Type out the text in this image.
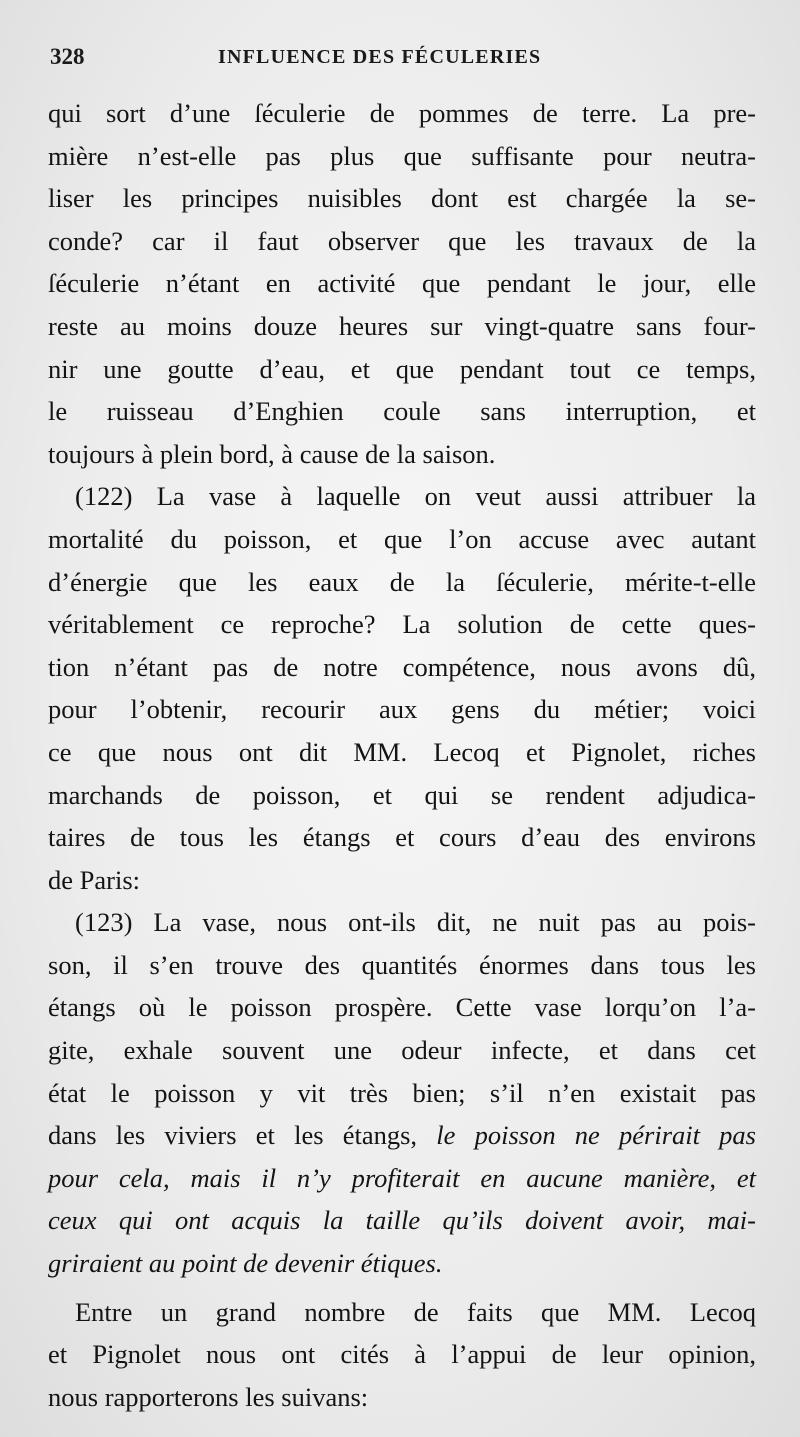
328	INFLUENCE DES FÉCULERIES
qui sort d’une ſéculerie de pommes de terre. La pre-
mière n’est-elle pas plus que suffisante pour neutra-
liser les principes nuisibles dont est chargée la se-
conde? car il faut observer que les travaux de la
ſéculerie n’étant en activité que pendant le jour, elle
reste au moins douze heures sur vingt-quatre sans four-
nir une goutte d’eau, et que pendant tout ce temps,
le ruisseau d’Enghien coule sans interruption, et
toujours à plein bord, à cause de la saison.
(122) La vase à laquelle on veut aussi attribuer la
mortalité du poisson, et que l’on accuse avec autant
d’énergie que les eaux de la ſéculerie, mérite-t-elle
véritablement ce reproche? La solution de cette ques-
tion n’étant pas de notre compétence, nous avons dû,
pour l’obtenir, recourir aux gens du métier; voici
ce que nous ont dit MM. Lecoq et Pignolet, riches
marchands de poisson, et qui se rendent adjudica-
taires de tous les étangs et cours d’eau des environs
de Paris:
(123) La vase, nous ont-ils dit, ne nuit pas au pois-
son, il s’en trouve des quantités énormes dans tous les
étangs où le poisson prospère. Cette vase lorqu’on l’a-
gite, exhale souvent une odeur infecte, et dans cet
état le poisson y vit très bien; s’il n’en existait pas
dans les viviers et les étangs, le poisson ne périrait pas
pour cela, mais il n’y profiterait en aucune manière, et
ceux qui ont acquis la taille qu’ils doivent avoir, mai-
griraient au point de devenir étiques.
Entre un grand nombre de faits que MM. Lecoq
et Pignolet nous ont cités à l’appui de leur opinion,
nous rapporterons les suivans:
